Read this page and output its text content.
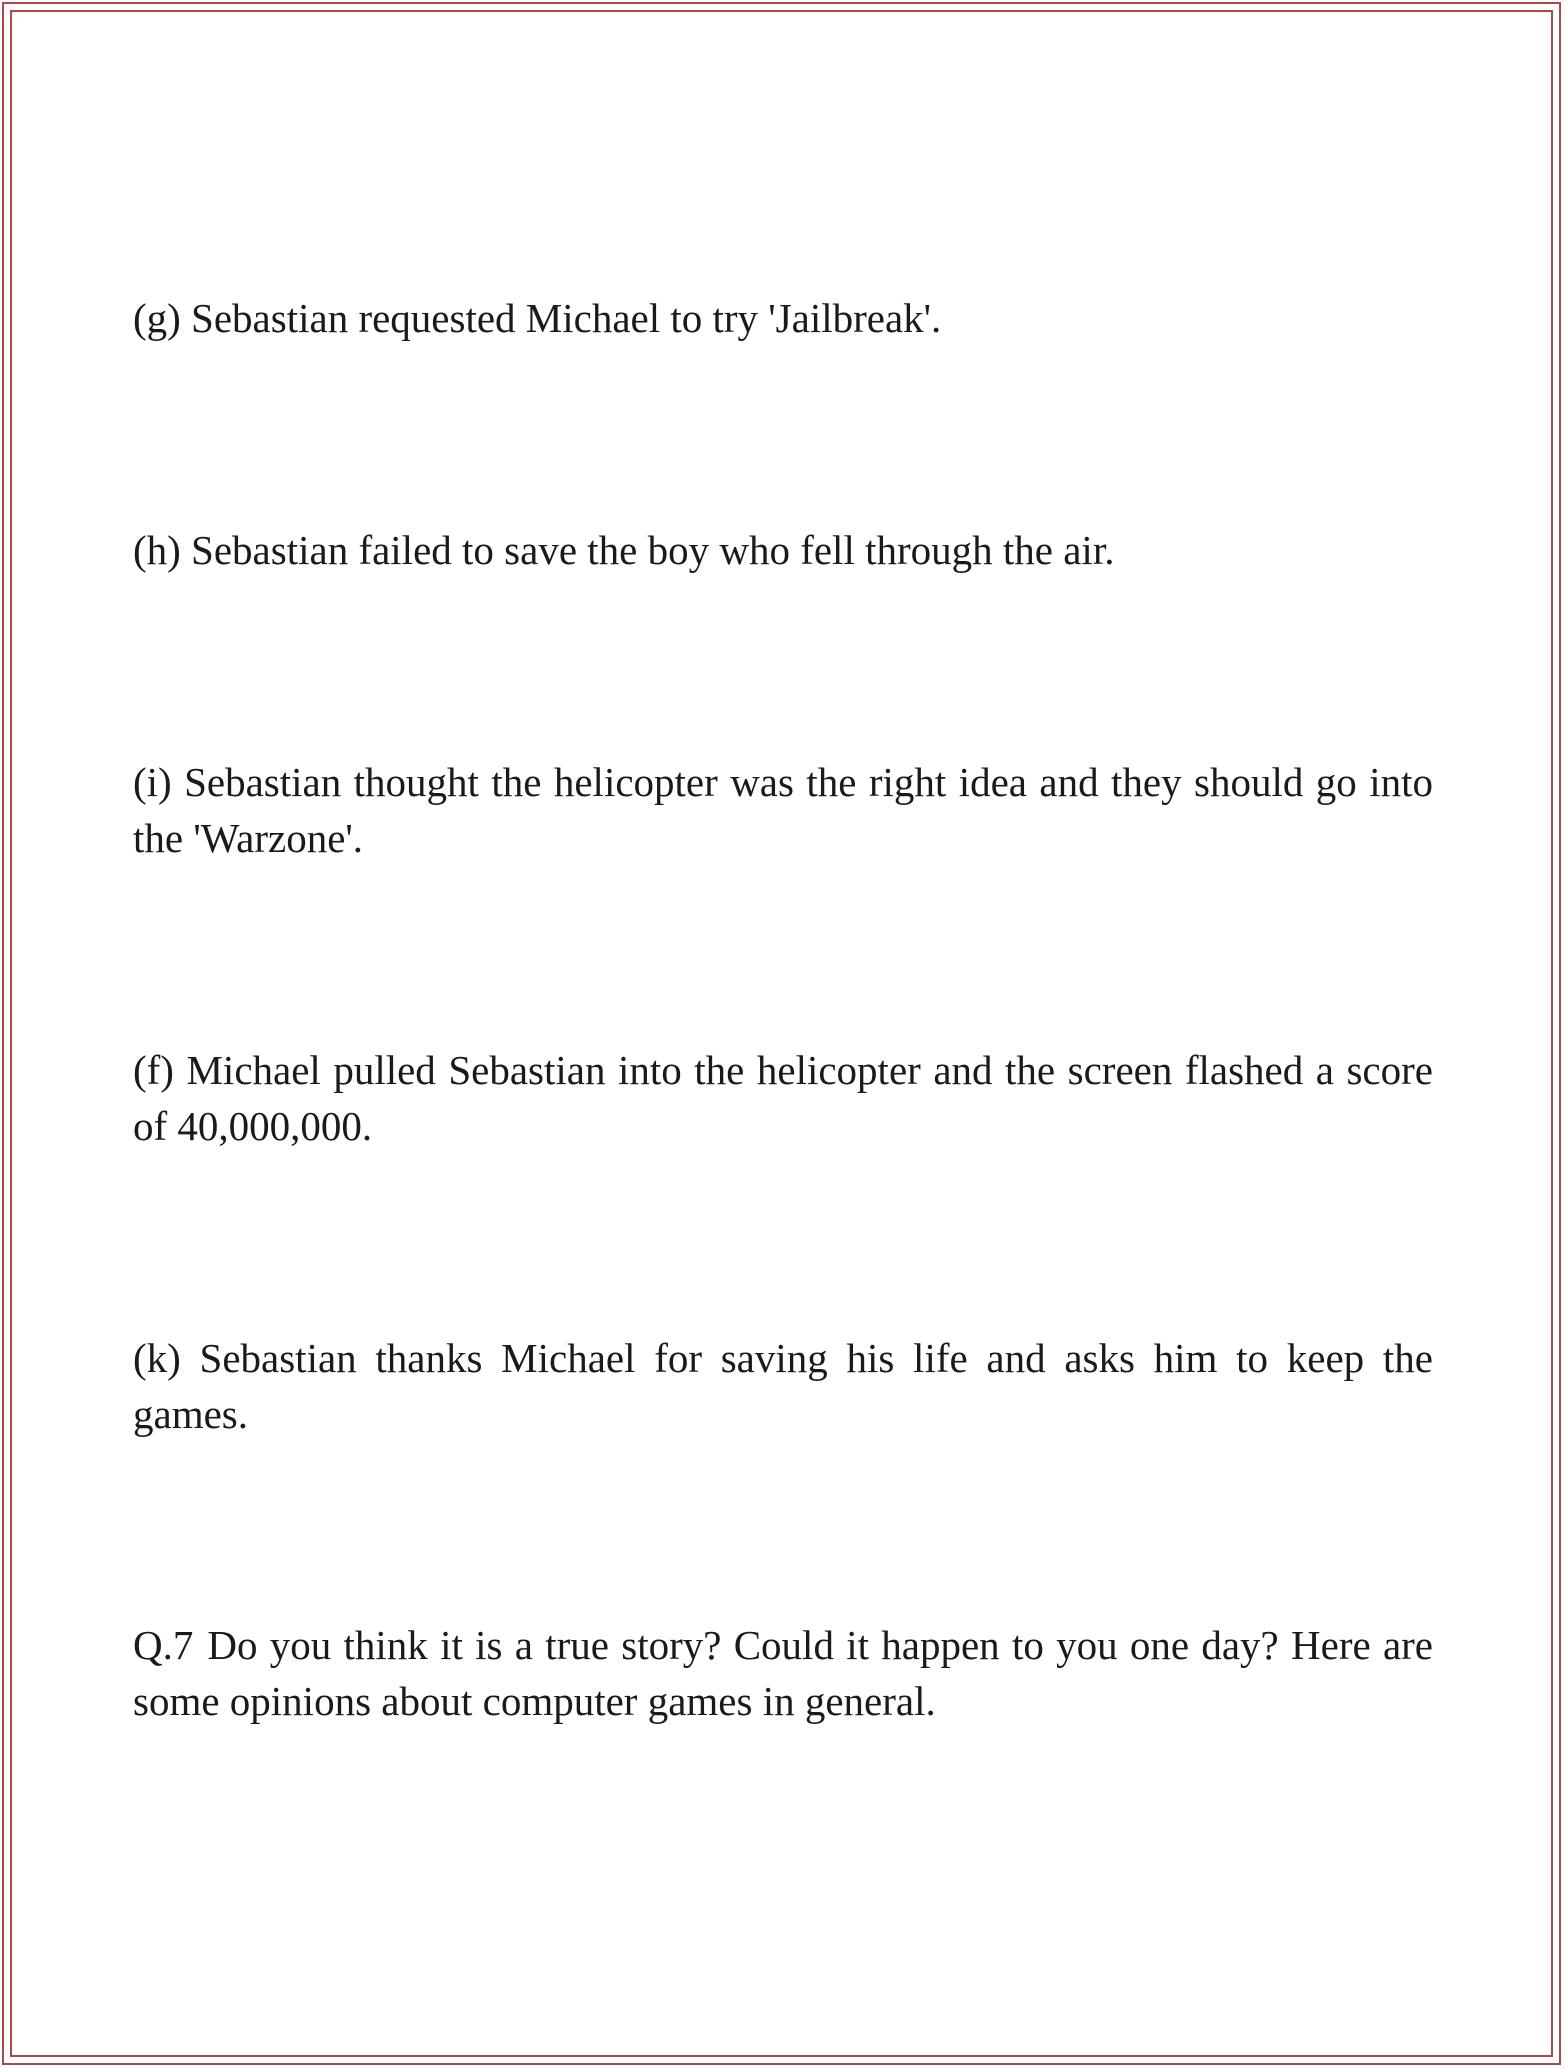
(g) Sebastian requested Michael to try 'Jailbreak'.

(h) Sebastian failed to save the boy who fell through the air.

(i) Sebastian thought the helicopter was the right idea and they should go into the 'Warzone'.

(f) Michael pulled Sebastian into the helicopter and the screen flashed a score of 40,000,000.

(k) Sebastian thanks Michael for saving his life and asks him to keep the games.

Q.7 Do you think it is a true story? Could it happen to you one day? Here are some opinions about computer games in general.
